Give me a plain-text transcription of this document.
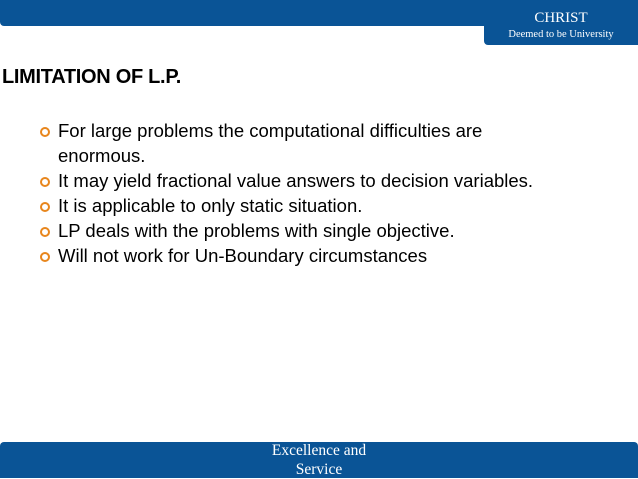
CHRIST
Deemed to be University
LIMITATION OF L.P.
For large problems the computational difficulties are enormous.
It may yield fractional value answers to decision variables.
It is applicable to only static situation.
LP deals with the problems with single objective.
Will not work for Un-Boundary circumstances
Excellence and
Service
